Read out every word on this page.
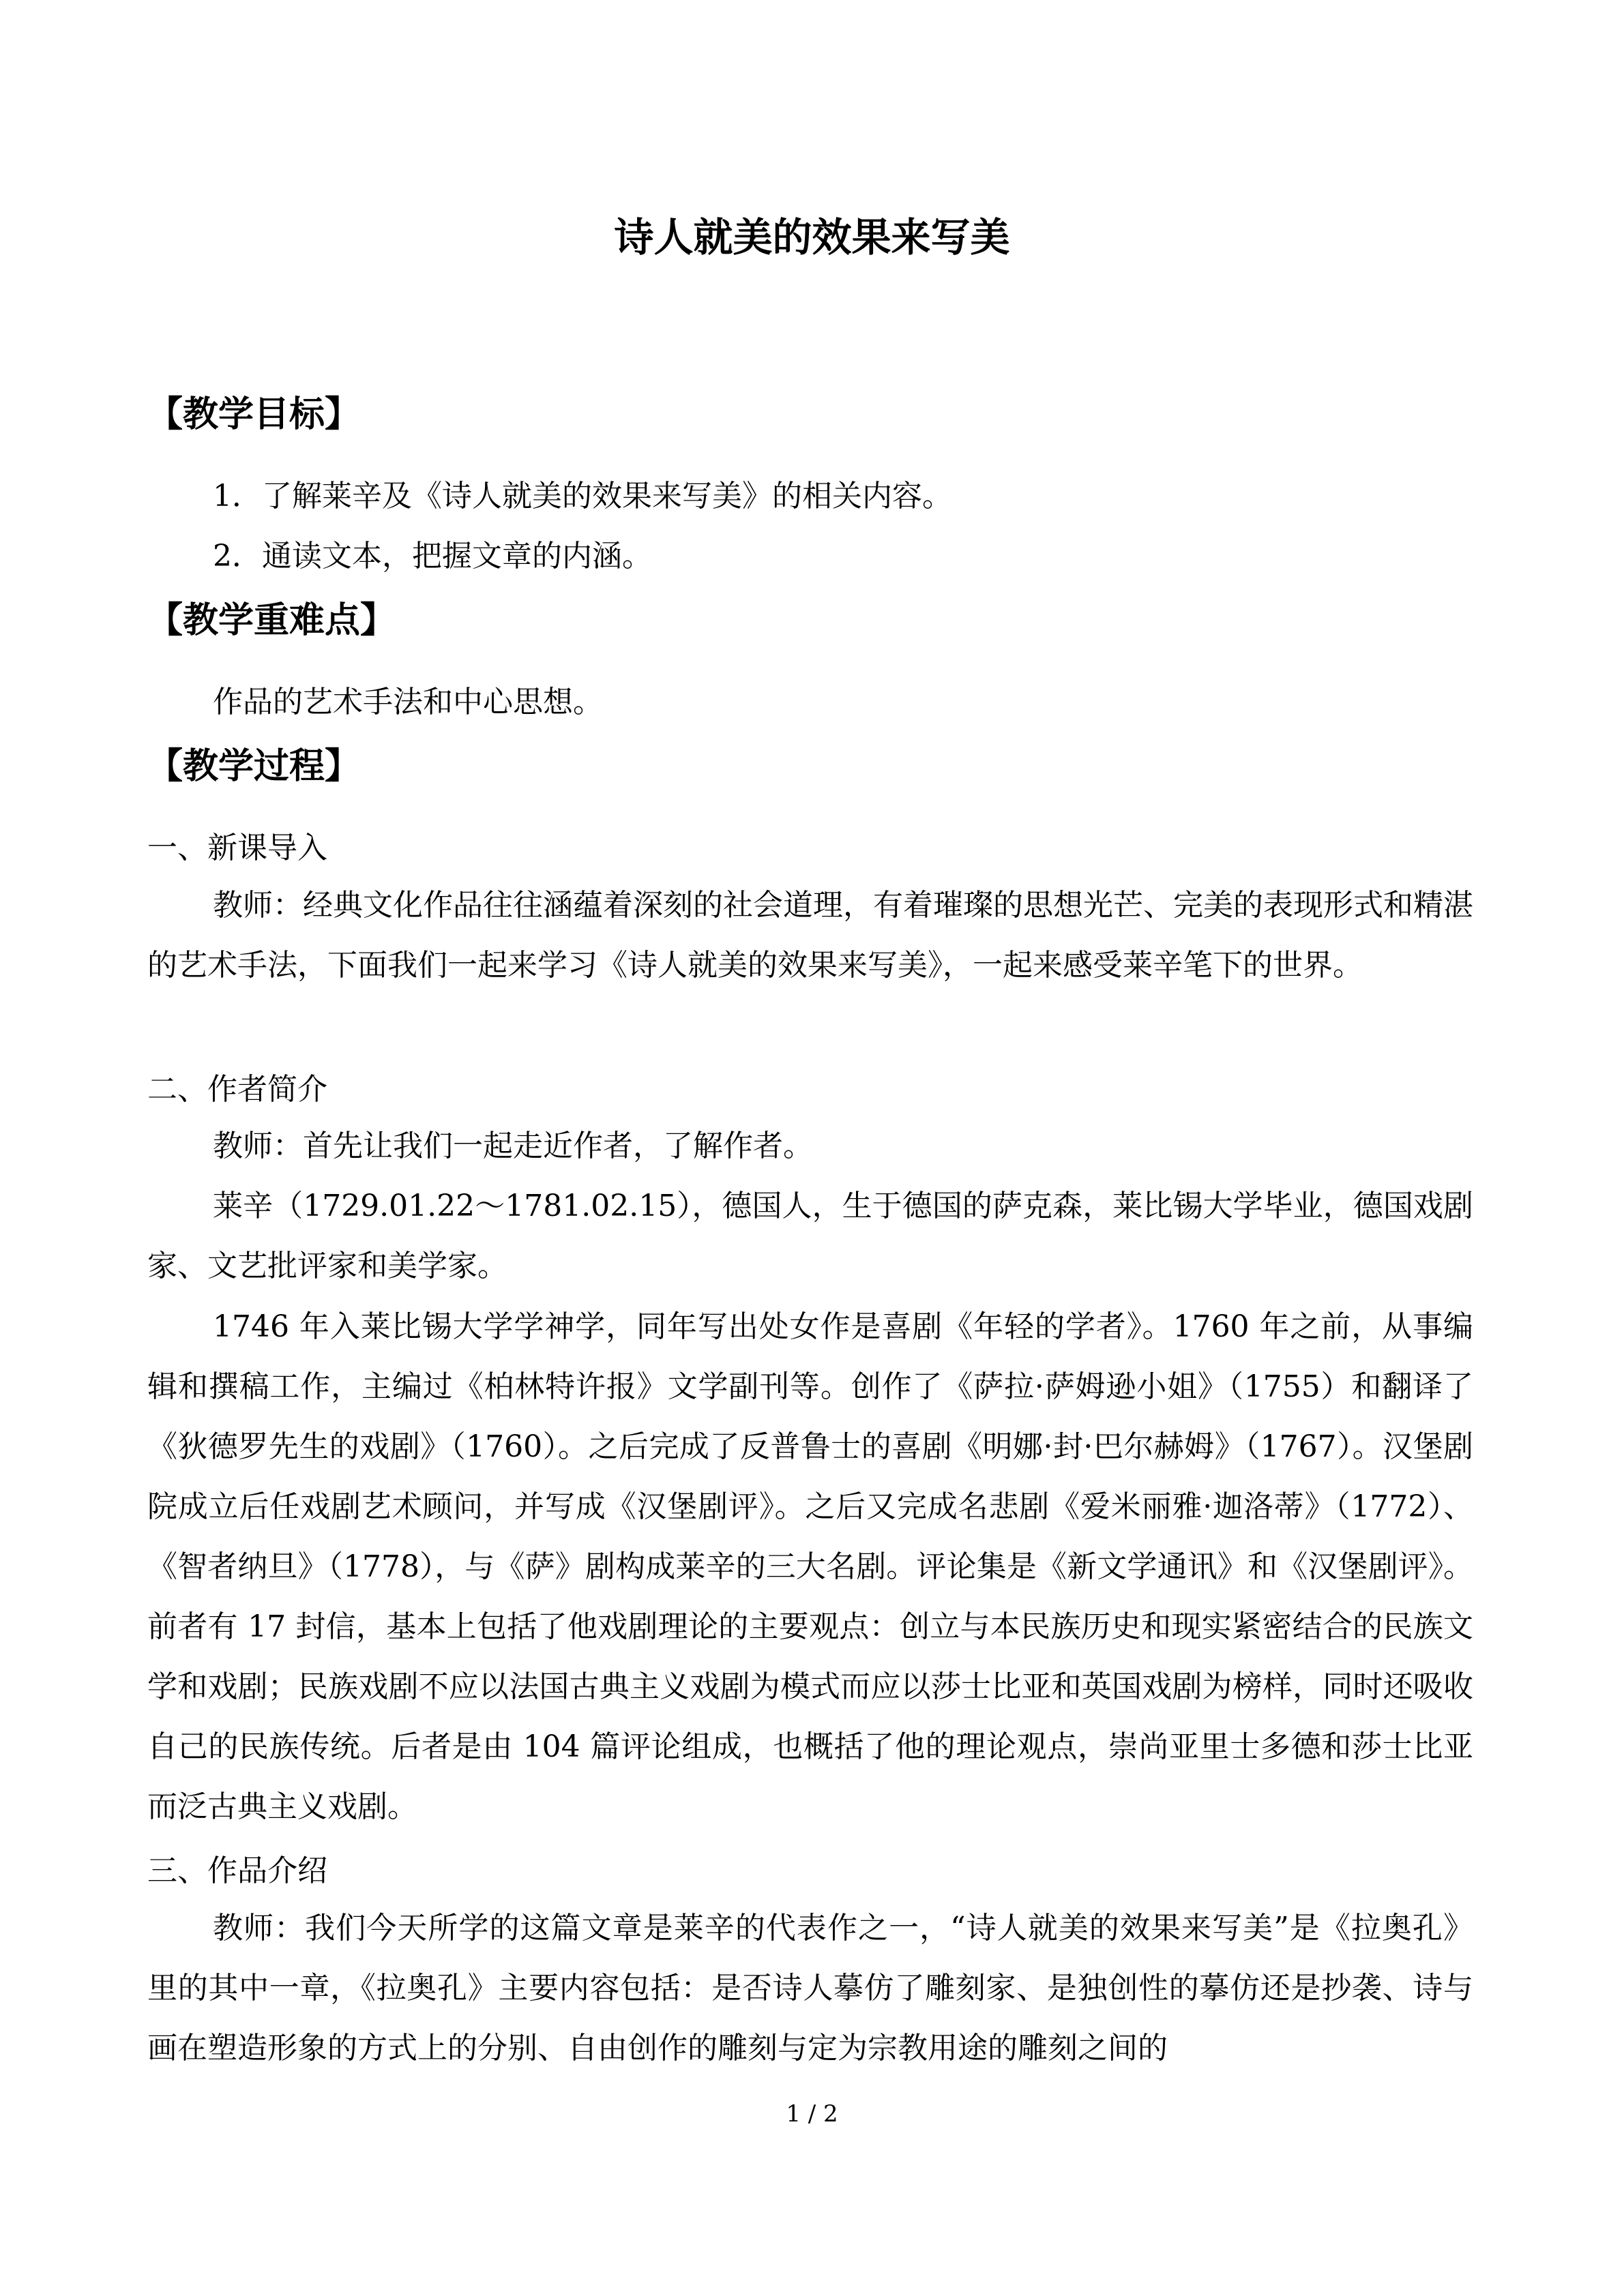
诗人就美的效果来写美
【教学目标】
1．了解莱辛及《诗人就美的效果来写美》的相关内容。
2．通读文本，把握文章的内涵。
【教学重难点】
作品的艺术手法和中心思想。
【教学过程】
一、新课导入
教师：经典文化作品往往涵蕴着深刻的社会道理，有着璀璨的思想光芒、完美的表现形式和精湛的艺术手法，下面我们一起来学习《诗人就美的效果来写美》，一起来感受莱辛笔下的世界。
二、作者简介
教师：首先让我们一起走近作者，了解作者。
莱辛（1729.01.22～1781.02.15），德国人，生于德国的萨克森，莱比锡大学毕业，德国戏剧家、文艺批评家和美学家。
1746 年入莱比锡大学学神学，同年写出处女作是喜剧《年轻的学者》。1760 年之前，从事编辑和撰稿工作，主编过《柏林特许报》文学副刊等。创作了《萨拉·萨姆逊小姐》（1755）和翻译了《狄德罗先生的戏剧》（1760）。之后完成了反普鲁士的喜剧《明娜·封·巴尔赫姆》（1767）。汉堡剧院成立后任戏剧艺术顾问，并写成《汉堡剧评》。之后又完成名悲剧《爱米丽雅·迦洛蒂》（1772）、《智者纳旦》（1778），与《萨》剧构成莱辛的三大名剧。评论集是《新文学通讯》和《汉堡剧评》。前者有 17 封信，基本上包括了他戏剧理论的主要观点：创立与本民族历史和现实紧密结合的民族文学和戏剧；民族戏剧不应以法国古典主义戏剧为模式而应以莎士比亚和英国戏剧为榜样，同时还吸收自己的民族传统。后者是由 104 篇评论组成，也概括了他的理论观点，崇尚亚里士多德和莎士比亚而泛古典主义戏剧。
三、作品介绍
教师：我们今天所学的这篇文章是莱辛的代表作之一，“诗人就美的效果来写美”是《拉奥孔》里的其中一章，《拉奥孔》主要内容包括：是否诗人摹仿了雕刻家、是独创性的摹仿还是抄袭、诗与画在塑造形象的方式上的分别、自由创作的雕刻与定为宗教用途的雕刻之间的
1 / 2
